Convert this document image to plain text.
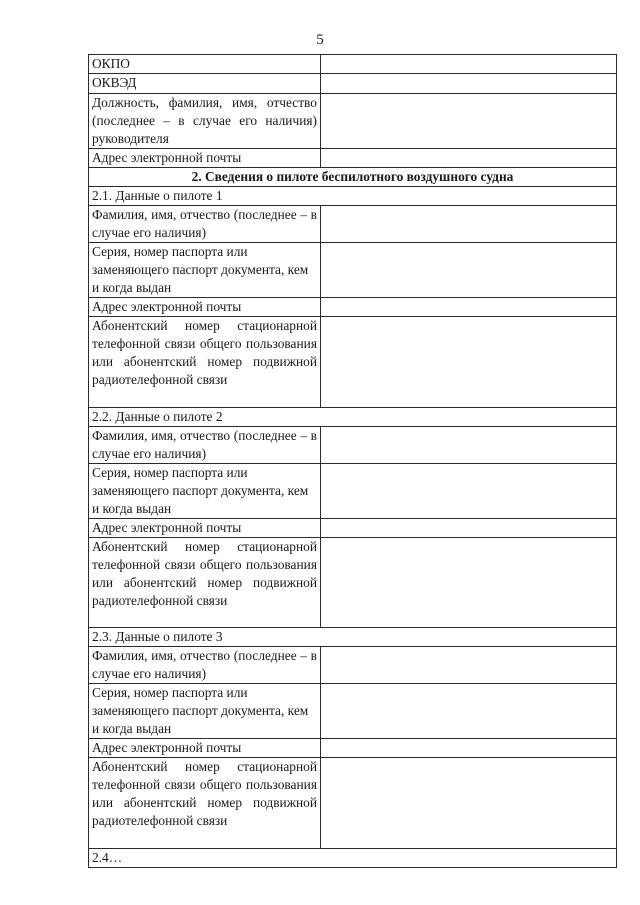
5
ОКПО	
ОКВЭД	
Должность, фамилия, имя, отчество (последнее – в случае его наличия) руководителя	
Адрес электронной почты	
2. Сведения о пилоте беспилотного воздушного судна	
2.1. Данные о пилоте 1	
Фамилия, имя, отчество (последнее – в случае его наличия)	
Серия, номер паспорта или заменяющего паспорт документа, кем и когда выдан	
Адрес электронной почты	
Абонентский номер стационарной телефонной связи общего пользования или абонентский номер подвижной радиотелефонной связи	
2.2. Данные о пилоте 2	
Фамилия, имя, отчество (последнее – в случае его наличия)	
Серия, номер паспорта или заменяющего паспорт документа, кем и когда выдан	
Адрес электронной почты	
Абонентский номер стационарной телефонной связи общего пользования или абонентский номер подвижной радиотелефонной связи	
2.3. Данные о пилоте 3	
Фамилия, имя, отчество (последнее – в случае его наличия)	
Серия, номер паспорта или заменяющего паспорт документа, кем и когда выдан	
Адрес электронной почты	
Абонентский номер стационарной телефонной связи общего пользования или абонентский номер подвижной радиотелефонной связи	
2.4…	
